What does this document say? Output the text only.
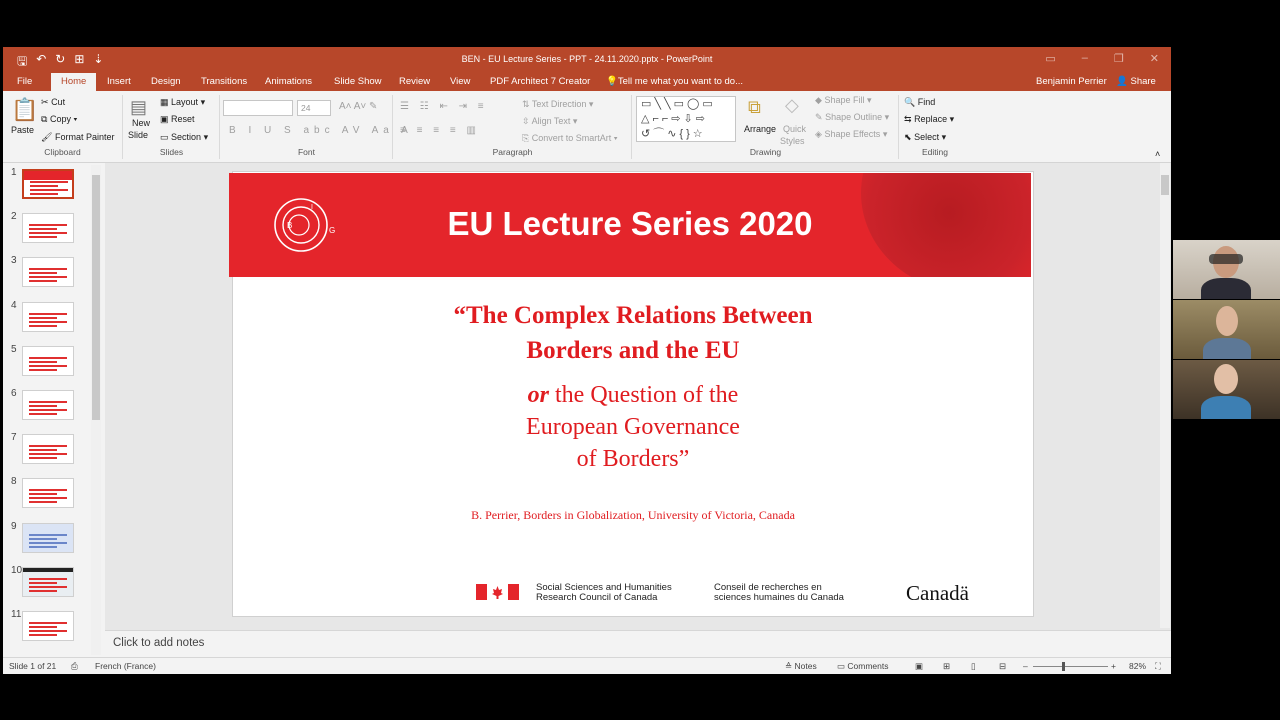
🖫 ↶ ↻ ⊞ ⇣	BEN - EU Lecture Series - PPT - 24.11.2020.pptx - PowerPoint	▭ – ❐ ✕
File	Home	Insert Design Transitions Animations Slide Show Review View PDF Architect 7 Creator 💡Tell me what you want to do...	Benjamin Perrier 👤 Share
📋
Paste
✂ Cut
⧉ Copy ▾
🖌 Format Painter
Clipboard
▤
New
Slide
▦ Layout ▾
▣ Reset
▭ Section ▾
Slides
24	A˄ A˅ ✎
B I U S abc AV Aa A
Font
☰ ☷ ⇤ ⇥ ≡
≡ ≡ ≡ ≡ ▥
⇅ Text Direction ▾
⇳ Align Text ▾
⎘ Convert to SmartArt ▾
Paragraph	Drawing
▭╲╲▭◯▭
△⌐⌐⇨⇩⇨
↺⌒∿{}☆
⧉
Arrange
◇
Quick
Styles
◆ Shape Fill ▾
✎ Shape Outline ▾
◈ Shape Effects ▾
🔍 Find
⇆ Replace ▾
⬉ Select ▾
Editing	˄
1
2
3
4
5
6
7
8
9
10
11
B
G
I	EU Lecture Series 2020
“The Complex Relations Between
Borders and the EU
or the Question of the
European Governance
of Borders”
B. Perrier, Borders in Globalization, University of Victoria, Canada
Social Sciences and Humanities
Research Council of Canada
Conseil de recherches en
sciences humaines du Canada	Canadä
Click to add notes
Slide 1 of 21 ⎙ French (France)	≙ Notes ▭ Comments	▣ ⊞ ▯	⊟ –	+ 82% ⛶
